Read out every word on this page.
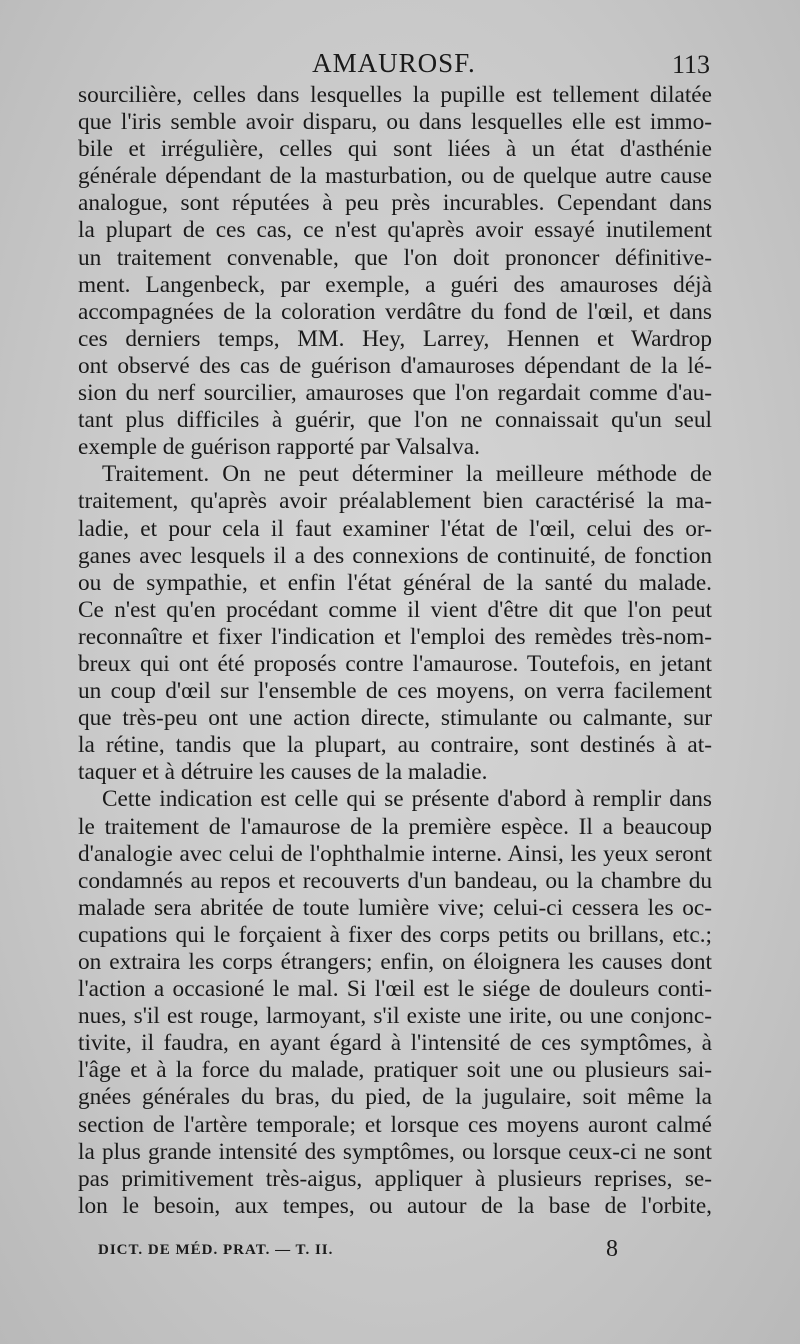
AMAUROSF.	113
sourcilière, celles dans lesquelles la pupille est tellement dilatée
que l'iris semble avoir disparu, ou dans lesquelles elle est immo-
bile et irrégulière, celles qui sont liées à un état d'asthénie
générale dépendant de la masturbation, ou de quelque autre cause
analogue, sont réputées à peu près incurables. Cependant dans
la plupart de ces cas, ce n'est qu'après avoir essayé inutilement
un traitement convenable, que l'on doit prononcer définitive-
ment. Langenbeck, par exemple, a guéri des amauroses déjà
accompagnées de la coloration verdâtre du fond de l'œil, et dans
ces derniers temps, MM. Hey, Larrey, Hennen et Wardrop
ont observé des cas de guérison d'amauroses dépendant de la lé-
sion du nerf sourcilier, amauroses que l'on regardait comme d'au-
tant plus difficiles à guérir, que l'on ne connaissait qu'un seul
exemple de guérison rapporté par Valsalva.
Traitement. On ne peut déterminer la meilleure méthode de
traitement, qu'après avoir préalablement bien caractérisé la ma-
ladie, et pour cela il faut examiner l'état de l'œil, celui des or-
ganes avec lesquels il a des connexions de continuité, de fonction
ou de sympathie, et enfin l'état général de la santé du malade.
Ce n'est qu'en procédant comme il vient d'être dit que l'on peut
reconnaître et fixer l'indication et l'emploi des remèdes très-nom-
breux qui ont été proposés contre l'amaurose. Toutefois, en jetant
un coup d'œil sur l'ensemble de ces moyens, on verra facilement
que très-peu ont une action directe, stimulante ou calmante, sur
la rétine, tandis que la plupart, au contraire, sont destinés à at-
taquer et à détruire les causes de la maladie.
Cette indication est celle qui se présente d'abord à remplir dans
le traitement de l'amaurose de la première espèce. Il a beaucoup
d'analogie avec celui de l'ophthalmie interne. Ainsi, les yeux seront
condamnés au repos et recouverts d'un bandeau, ou la chambre du
malade sera abritée de toute lumière vive; celui-ci cessera les oc-
cupations qui le forçaient à fixer des corps petits ou brillans, etc.;
on extraira les corps étrangers; enfin, on éloignera les causes dont
l'action a occasioné le mal. Si l'œil est le siége de douleurs conti-
nues, s'il est rouge, larmoyant, s'il existe une irite, ou une conjonc-
tivite, il faudra, en ayant égard à l'intensité de ces symptômes, à
l'âge et à la force du malade, pratiquer soit une ou plusieurs sai-
gnées générales du bras, du pied, de la jugulaire, soit même la
section de l'artère temporale; et lorsque ces moyens auront calmé
la plus grande intensité des symptômes, ou lorsque ceux-ci ne sont
pas primitivement très-aigus, appliquer à plusieurs reprises, se-
lon le besoin, aux tempes, ou autour de la base de l'orbite,
DICT. DE MÉD. PRAT. — T. II.	8
